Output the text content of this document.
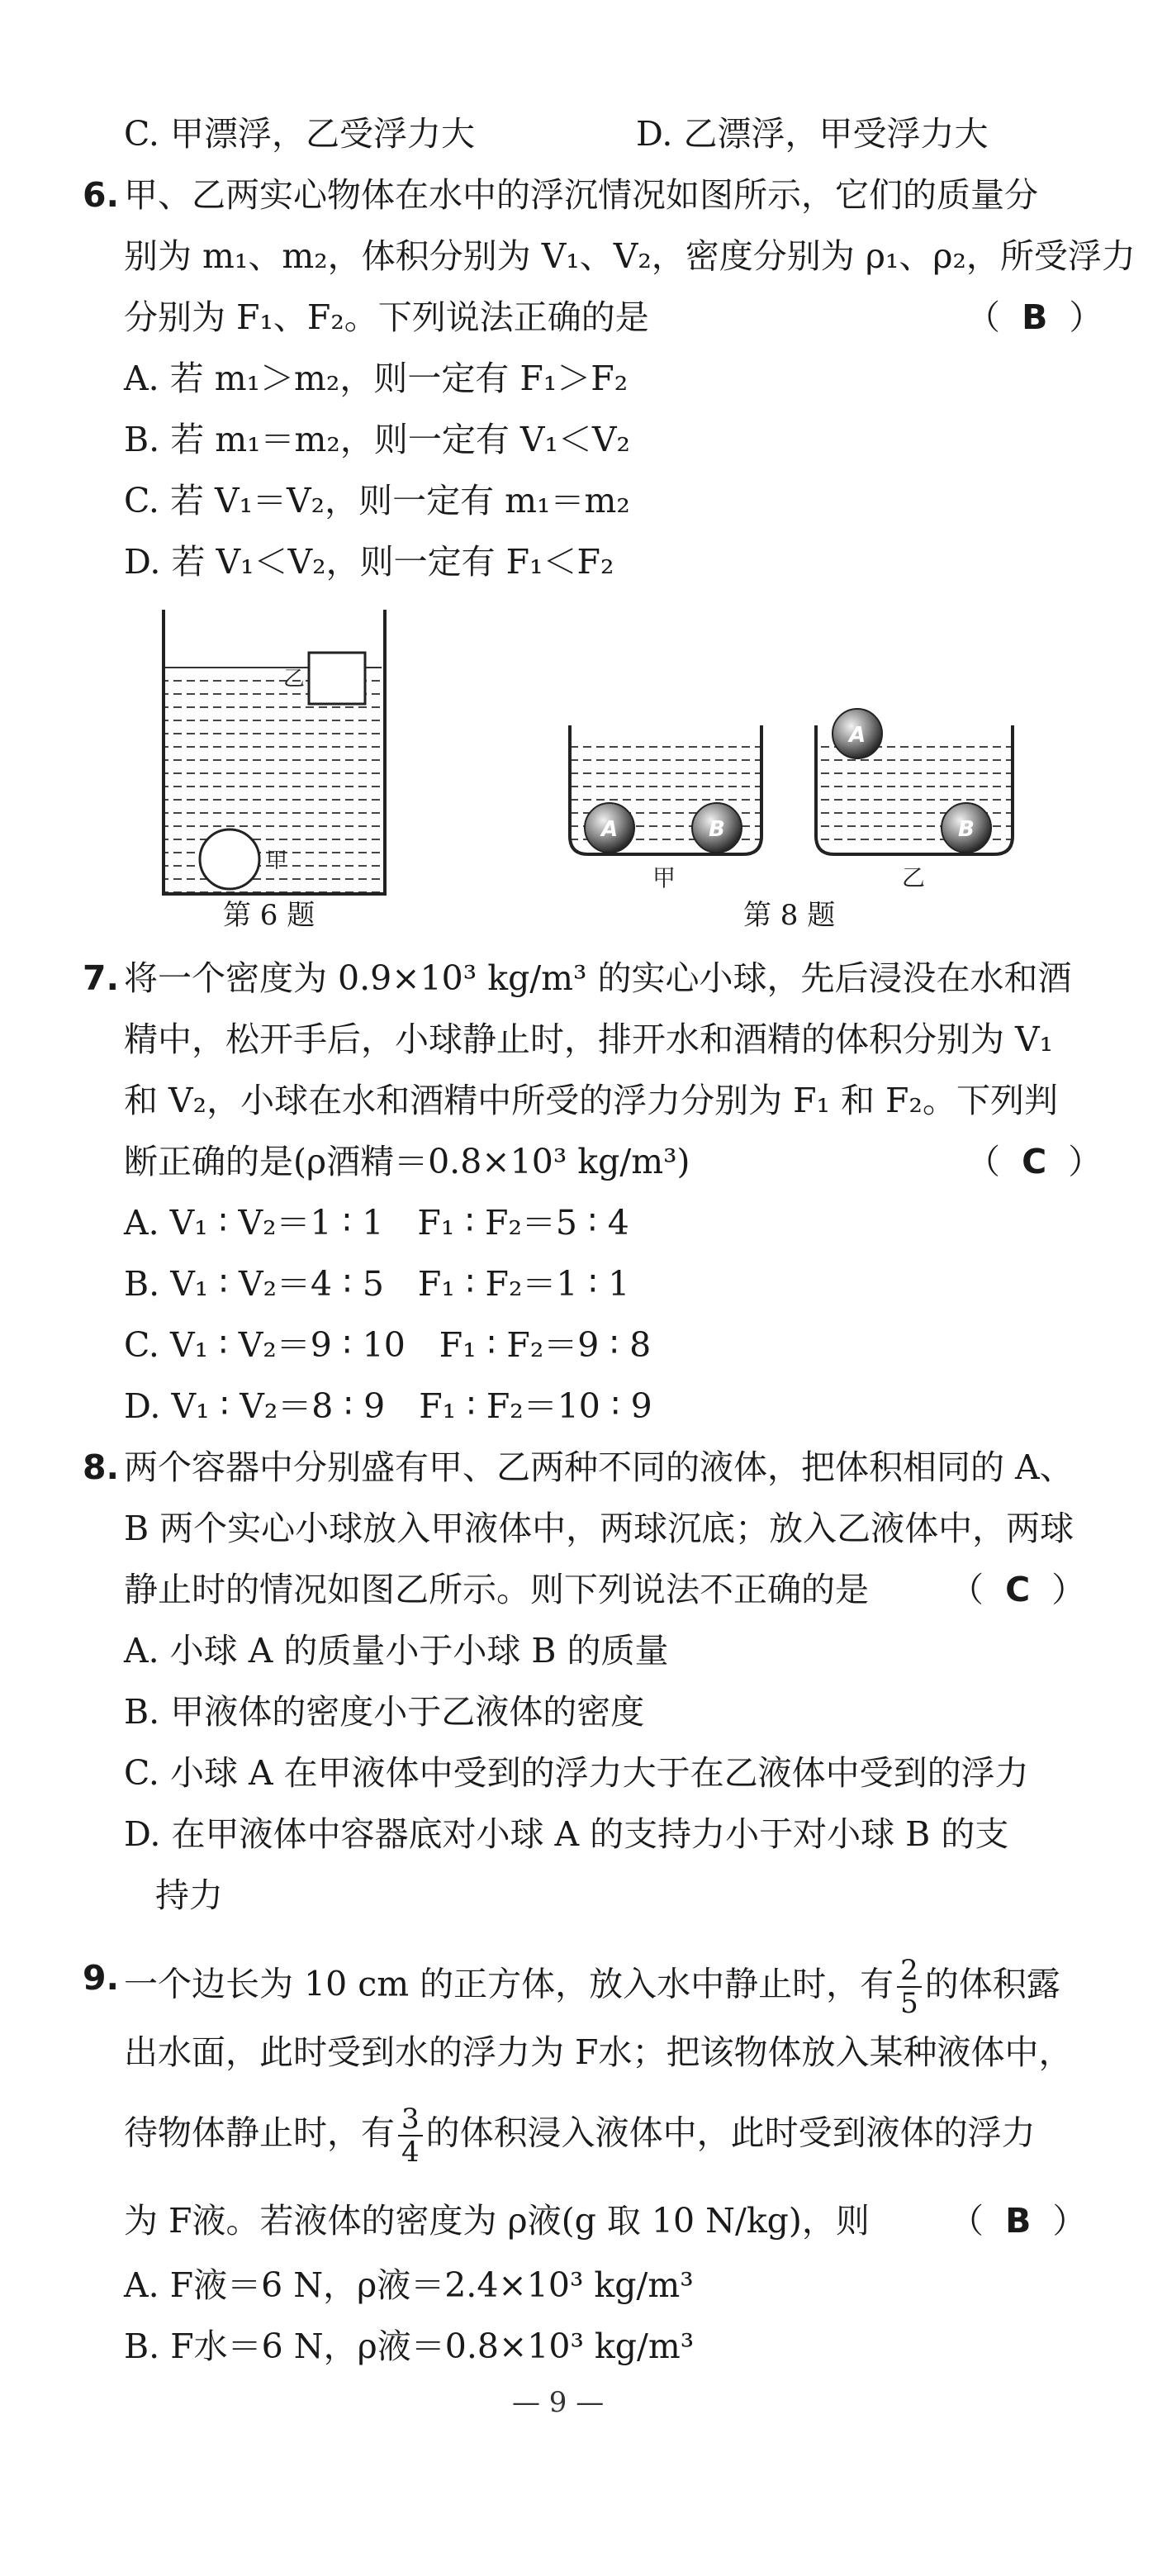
C. 甲漂浮，乙受浮力大	D. 乙漂浮，甲受浮力大
6. 甲、乙两实心物体在水中的浮沉情况如图所示，它们的质量分
别为 m₁、m₂，体积分别为 V₁、V₂，密度分别为 ρ₁、ρ₂，所受浮力
分别为 F₁、F₂。下列说法正确的是	（ B ）
A. 若 m₁＞m₂，则一定有 F₁＞F₂
B. 若 m₁＝m₂，则一定有 V₁＜V₂
C. 若 V₁＝V₂，则一定有 m₁＝m₂
D. 若 V₁＜V₂，则一定有 F₁＜F₂
乙
甲
A	B
甲
A
B
乙
第 6 题	第 8 题
7. 将一个密度为 0.9×10³ kg/m³ 的实心小球，先后浸没在水和酒
精中，松开手后，小球静止时，排开水和酒精的体积分别为 V₁
和 V₂，小球在水和酒精中所受的浮力分别为 F₁ 和 F₂。下列判
断正确的是(ρ酒精＝0.8×10³ kg/m³)	（ C ）
A. V₁ ∶ V₂＝1 ∶ 1　F₁ ∶ F₂＝5 ∶ 4
B. V₁ ∶ V₂＝4 ∶ 5　F₁ ∶ F₂＝1 ∶ 1
C. V₁ ∶ V₂＝9 ∶ 10　F₁ ∶ F₂＝9 ∶ 8
D. V₁ ∶ V₂＝8 ∶ 9　F₁ ∶ F₂＝10 ∶ 9
8. 两个容器中分别盛有甲、乙两种不同的液体，把体积相同的 A、
B 两个实心小球放入甲液体中，两球沉底；放入乙液体中，两球
静止时的情况如图乙所示。则下列说法不正确的是 （ C ）
A. 小球 A 的质量小于小球 B 的质量
B. 甲液体的密度小于乙液体的密度
C. 小球 A 在甲液体中受到的浮力大于在乙液体中受到的浮力
D. 在甲液体中容器底对小球 A 的支持力小于对小球 B 的支
持力
9. 一个边长为 10 cm 的正方体，放入水中静止时，有 $\frac{2}{5}$ 的体积露
出水面，此时受到水的浮力为 F水；把该物体放入某种液体中，
待物体静止时，有 $\frac{3}{4}$ 的体积浸入液体中，此时受到液体的浮力
为 F液。若液体的密度为 ρ液(g 取 10 N/kg)，则 （ B ）
A. F液＝6 N，ρ液＝2.4×10³ kg/m³
B. F水＝6 N，ρ液＝0.8×10³ kg/m³
— 9 —
